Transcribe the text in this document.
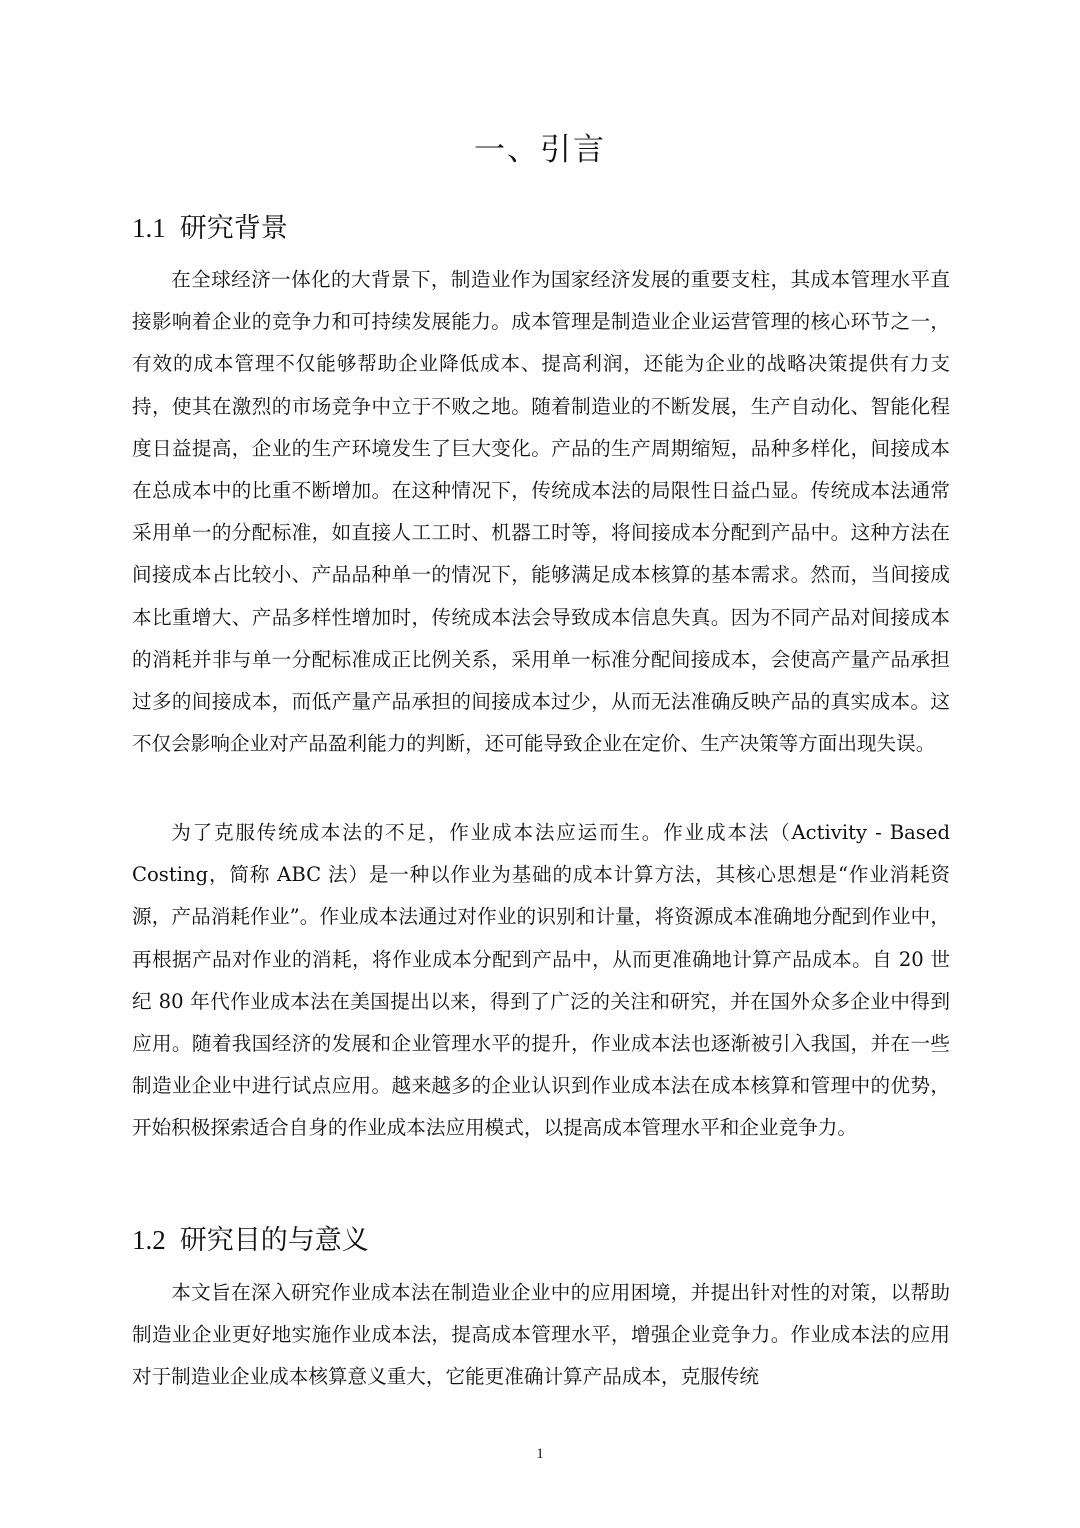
一、引言
1.1 研究背景

在全球经济一体化的大背景下，制造业作为国家经济发展的重要支柱，其成本管理水平直接影响着企业的竞争力和可持续发展能力。成本管理是制造业企业运营管理的核心环节之一，有效的成本管理不仅能够帮助企业降低成本、提高利润，还能为企业的战略决策提供有力支持，使其在激烈的市场竞争中立于不败之地。随着制造业的不断发展，生产自动化、智能化程度日益提高，企业的生产环境发生了巨大变化。产品的生产周期缩短，品种多样化，间接成本在总成本中的比重不断增加。在这种情况下，传统成本法的局限性日益凸显。传统成本法通常采用单一的分配标准，如直接人工工时、机器工时等，将间接成本分配到产品中。这种方法在间接成本占比较小、产品品种单一的情况下，能够满足成本核算的基本需求。然而，当间接成本比重增大、产品多样性增加时，传统成本法会导致成本信息失真。因为不同产品对间接成本的消耗并非与单一分配标准成正比例关系，采用单一标准分配间接成本，会使高产量产品承担过多的间接成本，而低产量产品承担的间接成本过少，从而无法准确反映产品的真实成本。这不仅会影响企业对产品盈利能力的判断，还可能导致企业在定价、生产决策等方面出现失误。

为了克服传统成本法的不足，作业成本法应运而生。作业成本法（Activity - Based Costing，简称 ABC 法）是一种以作业为基础的成本计算方法，其核心思想是“作业消耗资源，产品消耗作业”。作业成本法通过对作业的识别和计量，将资源成本准确地分配到作业中，再根据产品对作业的消耗，将作业成本分配到产品中，从而更准确地计算产品成本。自 20 世纪 80 年代作业成本法在美国提出以来，得到了广泛的关注和研究，并在国外众多企业中得到应用。随着我国经济的发展和企业管理水平的提升，作业成本法也逐渐被引入我国，并在一些制造业企业中进行试点应用。越来越多的企业认识到作业成本法在成本核算和管理中的优势，开始积极探索适合自身的作业成本法应用模式，以提高成本管理水平和企业竞争力。

1.2 研究目的与意义

本文旨在深入研究作业成本法在制造业企业中的应用困境，并提出针对性的对策，以帮助制造业企业更好地实施作业成本法，提高成本管理水平，增强企业竞争力。作业成本法的应用对于制造业企业成本核算意义重大，它能更准确计算产品成本，克服传统

1
